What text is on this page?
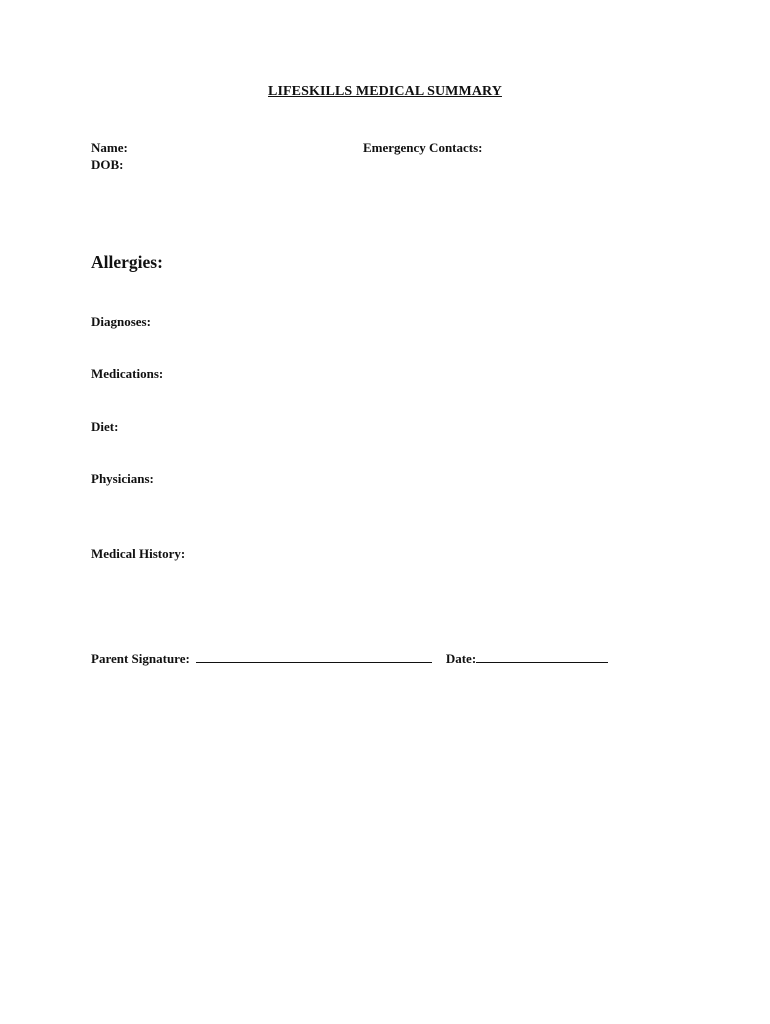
LIFESKILLS MEDICAL SUMMARY
Name:
DOB:
Emergency Contacts:
Allergies:
Diagnoses:
Medications:
Diet:
Physicians:
Medical History:
Parent Signature:	Date:
